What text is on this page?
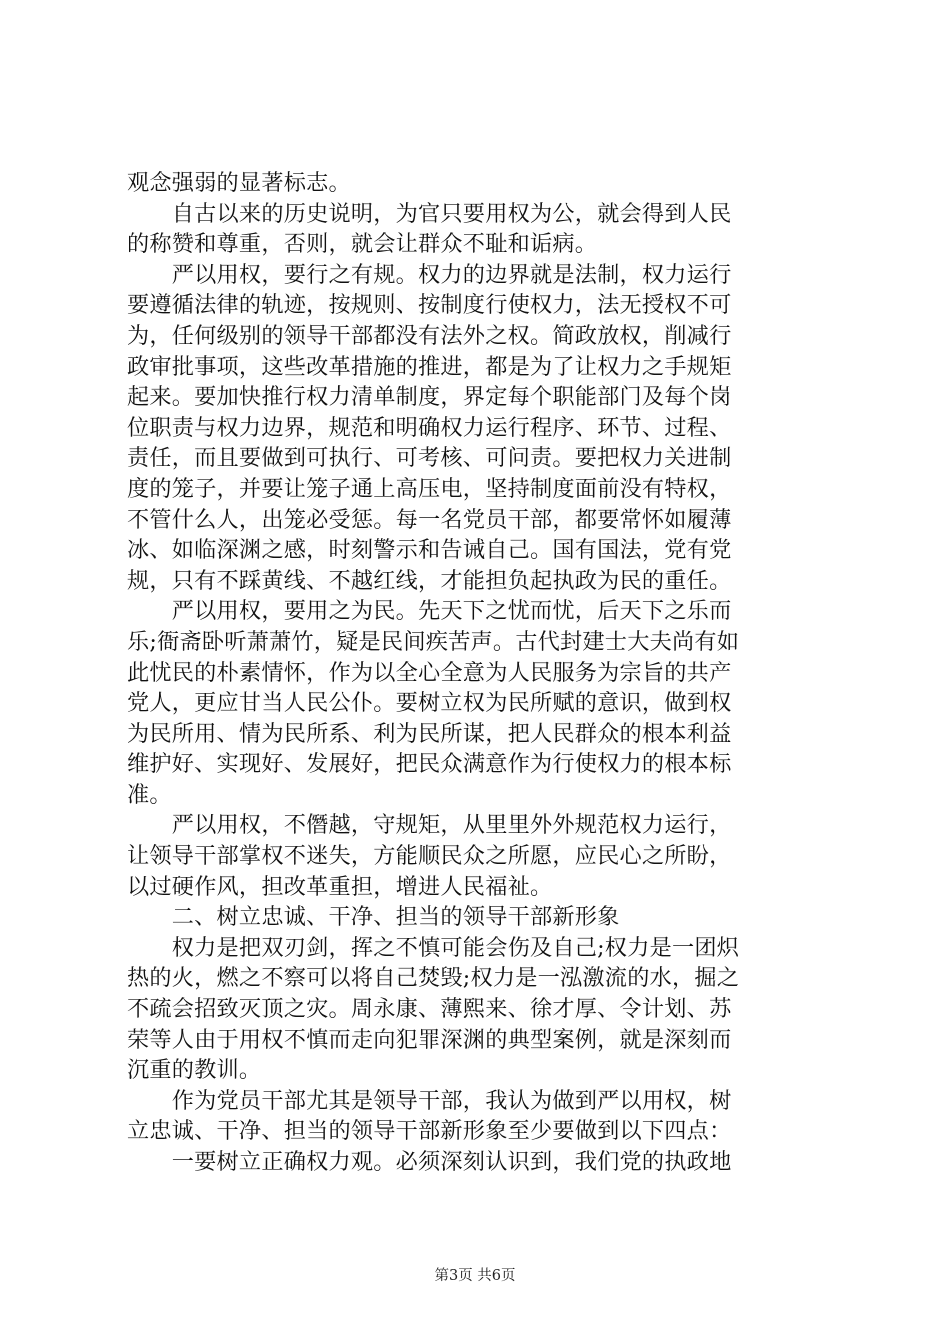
观念强弱的显著标志。
　　自古以来的历史说明，为官只要用权为公，就会得到人民
的称赞和尊重，否则，就会让群众不耻和诟病。
　　严以用权，要行之有规。权力的边界就是法制，权力运行
要遵循法律的轨迹，按规则、按制度行使权力，法无授权不可
为，任何级别的领导干部都没有法外之权。简政放权，削减行
政审批事项，这些改革措施的推进，都是为了让权力之手规矩
起来。要加快推行权力清单制度，界定每个职能部门及每个岗
位职责与权力边界，规范和明确权力运行程序、环节、过程、
责任，而且要做到可执行、可考核、可问责。要把权力关进制
度的笼子，并要让笼子通上高压电，坚持制度面前没有特权，
不管什么人，出笼必受惩。每一名党员干部，都要常怀如履薄
冰、如临深渊之感，时刻警示和告诫自己。国有国法，党有党
规，只有不踩黄线、不越红线，才能担负起执政为民的重任。
　　严以用权，要用之为民。先天下之忧而忧，后天下之乐而
乐;衙斋卧听萧萧竹，疑是民间疾苦声。古代封建士大夫尚有如
此忧民的朴素情怀，作为以全心全意为人民服务为宗旨的共产
党人，更应甘当人民公仆。要树立权为民所赋的意识，做到权
为民所用、情为民所系、利为民所谋，把人民群众的根本利益
维护好、实现好、发展好，把民众满意作为行使权力的根本标
准。
　　严以用权，不僭越，守规矩，从里里外外规范权力运行，
让领导干部掌权不迷失，方能顺民众之所愿，应民心之所盼，
以过硬作风，担改革重担，增进人民福祉。
　　二、树立忠诚、干净、担当的领导干部新形象
　　权力是把双刃剑，挥之不慎可能会伤及自己;权力是一团炽
热的火，燃之不察可以将自己焚毁;权力是一泓激流的水，掘之
不疏会招致灭顶之灾。周永康、薄熙来、徐才厚、令计划、苏
荣等人由于用权不慎而走向犯罪深渊的典型案例，就是深刻而
沉重的教训。
　　作为党员干部尤其是领导干部，我认为做到严以用权，树
立忠诚、干净、担当的领导干部新形象至少要做到以下四点：
　　一要树立正确权力观。必须深刻认识到，我们党的执政地
第3页 共6页
